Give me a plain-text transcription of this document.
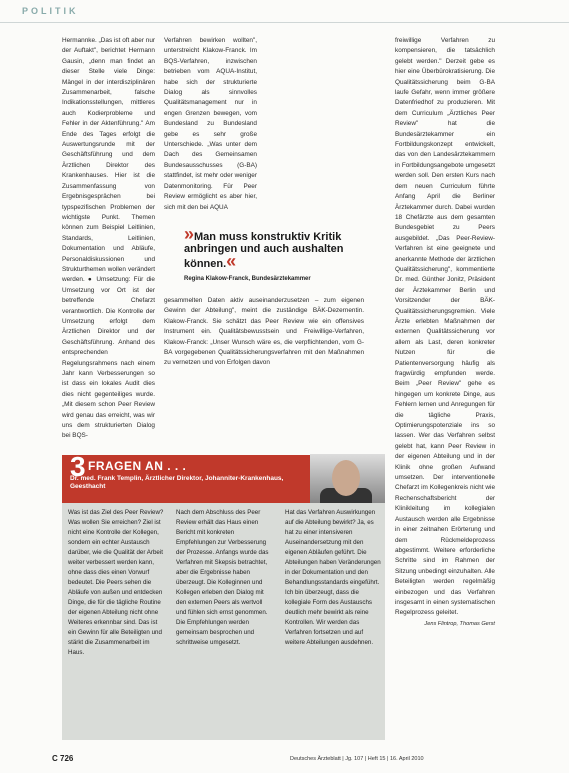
POLITIK
Hermannke. „Das ist oft aber nur der Auftakt", berichtet Hermann Gausin, „denn man findet an dieser Stelle viele Dinge: Mängel in der interdisziplinären Zusammenarbeit, falsche Indikationsstellungen, mittleres auch Kodierprobleme und Fehler in der Aktenführung." Am Ende des Tages erfolgt die Auswertungsrunde mit der Geschäftsführung und dem Ärztlichen Direktor des Krankenhauses. Hier ist die Zusammenfassung von Ergebnisgesprächen bei typspezifischen Problemen der wichtigste Punkt. Themen können zum Beispiel Leitlinien, Standards, Leitlinien, Dokumentation und Abläufe, Personaldiskussionen und Strukturthemen wollen verändert werden. ● Umsetzung: Für die Umsetzung vor Ort ist der betreffende Chefarzt verantwortlich. Die Kontrolle der Umsetzung erfolgt dem Ärztlichen Direktor und der Geschäftsführung. Anhand des entsprechenden Regelungsrahmens nach einem Jahr kann Verbesserungen so ist dass ein lokales Audit dies dies nicht gegenteiliges wurde. „Mit diesem schon Peer Review wird genau das erreicht, was wir uns dem strukturierten Dialog bei BQS-
Verfahren bewirken wollten", unterstreicht Klakow-Franck. Im BQS-Verfahren, inzwischen betrieben vom AQUA-Institut, habe sich der strukturierte Dialog als sinnvolles Qualitätsmanagement nur in engen Grenzen bewegen, vom Bundesland zu Bundesland gebe es sehr große Unterschiede. „Was unter dem Dach des Gemeinsamen Bundesausschusses (G-BA) stattfindet, ist mehr oder weniger Datenmonitoring. Für Peer Review ermöglicht es aber hier, sich mit den bei AQUA
»Man muss konstruktiv Kritik anbringen und auch aushalten können.«
Regina Klakow-Franck, Bundesärztekammer
gesammelten Daten aktiv auseinanderzusetzen – zum eigenen Gewinn der Abteilung", meint die zuständige BÄK-Dezernentin. Klakow-Franck. Sie schätzt das Peer Review wie ein offensives Instrument ein. Qualitätsbewusstsein und Freiwillige-Verfahren, Klakow-Franck: „Unser Wunsch wäre es, die verpflichtenden, vom G-BA vorgegebenen Qualitätssicherungsverfahren mit den Maßnahmen zu vernetzen und von Erfolgen davon

freiwillige Verfahren zu kompensieren, die tatsächlich gelebt werden." Derzeit gebe es hier eine Überbürokratisierung. Die Qualitätssicherung beim G-BA laufe Gefahr, wenn immer größere Datenfriedhof zu produzieren. Mit dem Curriculum „Ärztliches Peer Review" hat die Bundesärztekammer ein Fortbildungskonzept entwickelt, das von den Landesärztekammern in Fortbildungsangebote umgesetzt werden soll. Den ersten Kurs nach dem neuen Curriculum führte Anfang April die Berliner Ärztekammer durch. Dabei wurden 18 Chefärzte aus dem gesamten Bundesgebiet zu Peers ausgebildet. „Das Peer-Review-Verfahren ist eine geeignete und anerkannte Methode der ärztlichen Qualitätssicherung", kommentierte Dr. med. Günther Jonitz, Präsident der Ärztekammer Berlin und Vorsitzender der BÄK-Qualitätssicherungsgremien. Viele Ärzte erlebten Maßnahmen der externen Qualitätssicherung vor allem als Last, deren konkreter Nutzen für die Patientenversorgung häufig als fragwürdig empfunden werde. Beim „Peer Review" gehe es hingegen um konkrete Dinge, aus Fehlern lernen und Anregungen für die tägliche Praxis, Optimierungspotenziale ins so lassen. Wer das Verfahren selbst gelebt hat, kann Peer Review in der eigenen Abteilung und in der Klinik ohne großen Aufwand umsetzen. Der interventionelle Chefarzt im Kollegenkreis nicht wie Rechenschaftsbericht der Klinikleitung im kollegialen Austausch werden alle Ergebnisse in einer zeitnahen Erörterung und dem Rückmeldeprozess abgestimmt. Weitere erforderliche Schritte sind im Rahmen der Sitzung unbedingt einzuhalten. Alle Beteiligten werden regelmäßig einbezogen und das Verfahren insgesamt in einen systematischen Regelprozess geleitet.

Jens Flintrop, Thomas Gerst
3 FRAGEN AN . . .
Dr. med. Frank Templin, Ärztlicher Direktor, Johanniter-Krankenhaus, Geesthacht
Was ist das Ziel des Peer Review? Was wollen Sie erreichen? Ziel ist nicht eine Kontrolle der Kollegen, sondern ein echter Austausch darüber, wie die Qualität der Arbeit weiter verbessert werden kann, ohne dass dies einen Vorwurf bedeutet. Die Peers sehen die Abläufe von außen und entdecken Dinge, die für die tägliche Routine der eigenen Abteilung nicht ohne Weiteres erkennbar sind. Das ist ein Gewinn für alle Beteiligten und stärkt die Zusammenarbeit im Haus.
Nach dem Abschluss des Peer Review erhält das Haus einen Bericht mit konkreten Empfehlungen zur Verbesserung der Prozesse. Anfangs wurde das Verfahren mit Skepsis betrachtet, aber die Ergebnisse haben überzeugt. Die Kolleginnen und Kollegen erleben den Dialog mit den externen Peers als wertvoll und fühlen sich ernst genommen. Die Empfehlungen werden gemeinsam besprochen und schrittweise umgesetzt.
Hat das Verfahren Auswirkungen auf die Abteilung bewirkt? Ja, es hat zu einer intensiveren Auseinandersetzung mit den eigenen Abläufen geführt. Die Abteilungen haben Veränderungen in der Dokumentation und den Behandlungsstandards eingeführt. Ich bin überzeugt, dass die kollegiale Form des Austauschs deutlich mehr bewirkt als reine Kontrollen. Wir werden das Verfahren fortsetzen und auf weitere Abteilungen ausdehnen.
C 726	Deutsches Ärzteblatt | Jg. 107 | Heft 15 | 16. April 2010
